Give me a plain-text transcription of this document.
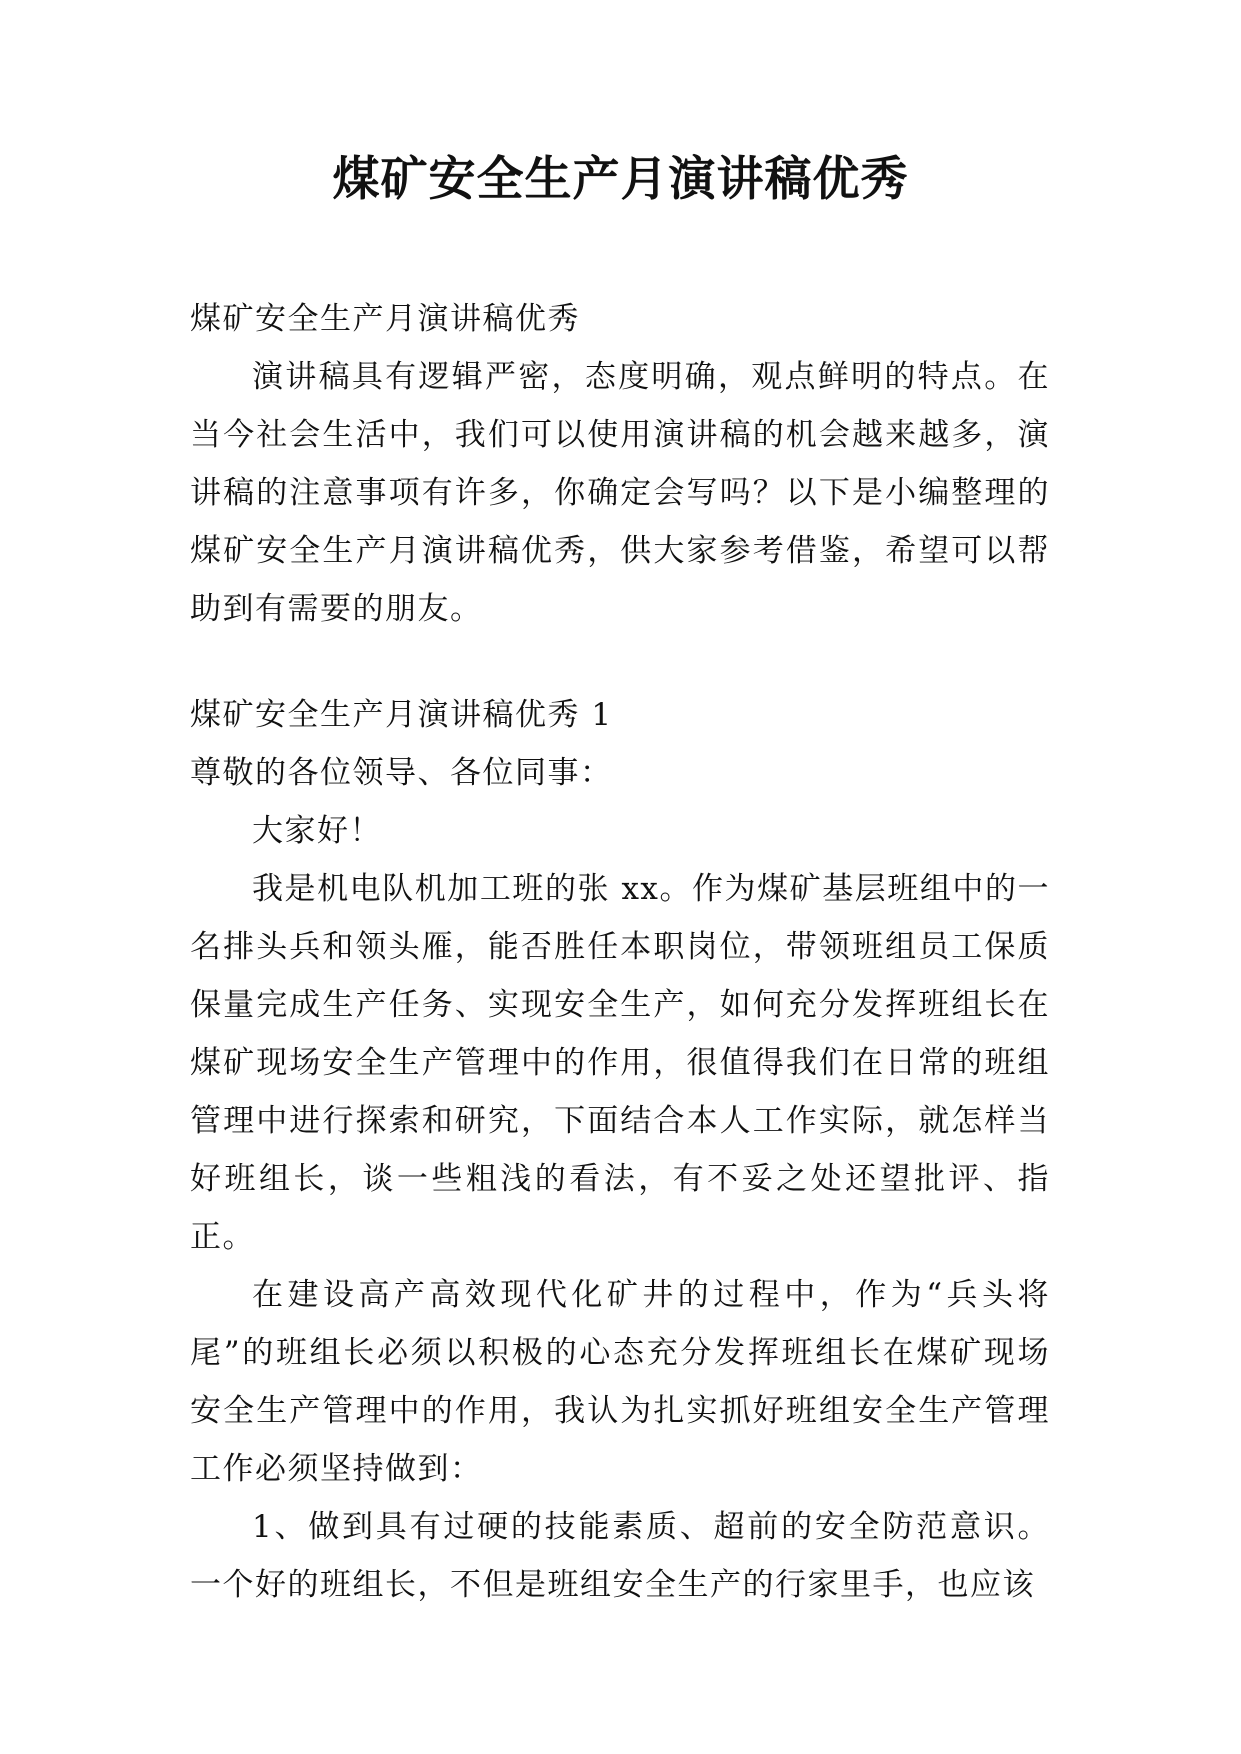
煤矿安全生产月演讲稿优秀

煤矿安全生产月演讲稿优秀

演讲稿具有逻辑严密，态度明确，观点鲜明的特点。在当今社会生活中，我们可以使用演讲稿的机会越来越多，演讲稿的注意事项有许多，你确定会写吗？以下是小编整理的煤矿安全生产月演讲稿优秀，供大家参考借鉴，希望可以帮助到有需要的朋友。

煤矿安全生产月演讲稿优秀 1

尊敬的各位领导、各位同事：

大家好！

我是机电队机加工班的张 xx。作为煤矿基层班组中的一名排头兵和领头雁，能否胜任本职岗位，带领班组员工保质保量完成生产任务、实现安全生产，如何充分发挥班组长在煤矿现场安全生产管理中的作用，很值得我们在日常的班组管理中进行探索和研究，下面结合本人工作实际，就怎样当好班组长，谈一些粗浅的看法，有不妥之处还望批评、指正。

在建设高产高效现代化矿井的过程中，作为“兵头将尾”的班组长必须以积极的心态充分发挥班组长在煤矿现场安全生产管理中的作用，我认为扎实抓好班组安全生产管理工作必须坚持做到：

1、做到具有过硬的技能素质、超前的安全防范意识。一个好的班组长，不但是班组安全生产的行家里手，也应该
